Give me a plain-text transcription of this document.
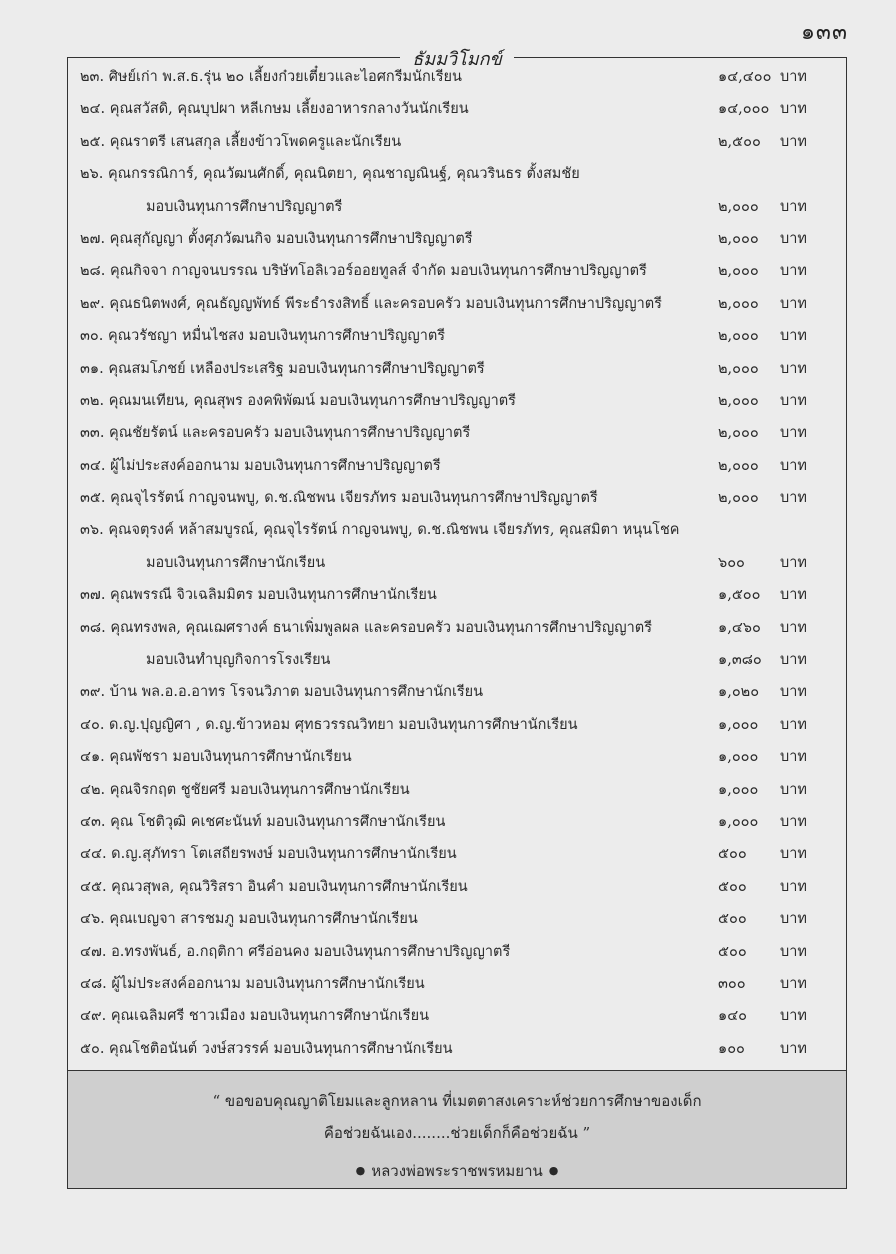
๑๓๓
ธัมมวิโมกข์
๒๓. ศิษย์เก่า พ.ส.ธ.รุ่น ๒๐ เลี้ยงก๋วยเตี๋ยวและไอศกรีมนักเรียน	๑๔,๔๐๐ บาท
๒๔. คุณสวัสดิ, คุณบุปผา หลีเกษม เลี้ยงอาหารกลางวันนักเรียน	๑๔,๐๐๐ บาท
๒๕. คุณราตรี เสนสกุล เลี้ยงข้าวโพดครูและนักเรียน	๒,๕๐๐	บาท
๒๖. คุณกรรณิการ์, คุณวัฒนศักดิ์, คุณนิตยา, คุณชาญณินฐ์, คุณวรินธร ตั้งสมชัย
มอบเงินทุนการศึกษาปริญญาตรี	๒,๐๐๐	บาท
๒๗. คุณสุกัญญา ตั้งศุภวัฒนกิจ มอบเงินทุนการศึกษาปริญญาตรี	๒,๐๐๐	บาท
๒๘. คุณกิจจา กาญจนบรรณ บริษัทโอลิเวอร์ออยทูลส์ จำกัด มอบเงินทุนการศึกษาปริญญาตรี	๒,๐๐๐	บาท
๒๙. คุณธนิตพงศ์, คุณธัญญพัทธ์ พีระธำรงสิทธิ์ และครอบครัว มอบเงินทุนการศึกษาปริญญาตรี	๒,๐๐๐	บาท
๓๐. คุณวรัชญา หมื่นไชสง มอบเงินทุนการศึกษาปริญญาตรี	๒,๐๐๐	บาท
๓๑. คุณสมโภชย์ เหลืองประเสริฐ มอบเงินทุนการศึกษาปริญญาตรี	๒,๐๐๐	บาท
๓๒. คุณมนเทียน, คุณสุพร องคพิพัฒน์ มอบเงินทุนการศึกษาปริญญาตรี	๒,๐๐๐	บาท
๓๓. คุณชัยรัตน์ และครอบครัว มอบเงินทุนการศึกษาปริญญาตรี	๒,๐๐๐	บาท
๓๔. ผู้ไม่ประสงค์ออกนาม มอบเงินทุนการศึกษาปริญญาตรี	๒,๐๐๐	บาท
๓๕. คุณจุไรรัตน์ กาญจนพบู, ด.ช.ณิชพน เจียรภัทร มอบเงินทุนการศึกษาปริญญาตรี	๒,๐๐๐	บาท
๓๖. คุณจตุรงค์ หล้าสมบูรณ์, คุณจุไรรัตน์ กาญจนพบู, ด.ช.ณิชพน เจียรภัทร, คุณสมิตา หนุนโชค
มอบเงินทุนการศึกษานักเรียน	๖๐๐	บาท
๓๗. คุณพรรณี จิวเฉลิมมิตร มอบเงินทุนการศึกษานักเรียน	๑,๕๐๐	บาท
๓๘. คุณทรงพล, คุณเฌศรางค์ ธนาเพิ่มพูลผล และครอบครัว มอบเงินทุนการศึกษาปริญญาตรี	๑,๔๖๐	บาท
มอบเงินทำบุญกิจการโรงเรียน	๑,๓๘๐	บาท
๓๙. บ้าน พล.อ.อ.อาทร โรจนวิภาต มอบเงินทุนการศึกษานักเรียน	๑,๐๒๐	บาท
๔๐. ด.ญ.ปุญญิศา , ด.ญ.ข้าวหอม ศุทธวรรณวิทยา มอบเงินทุนการศึกษานักเรียน	๑,๐๐๐	บาท
๔๑. คุณพัชรา มอบเงินทุนการศึกษานักเรียน	๑,๐๐๐	บาท
๔๒. คุณจิรกฤต ชูชัยศรี มอบเงินทุนการศึกษานักเรียน	๑,๐๐๐	บาท
๔๓. คุณ โชติวุฒิ คเชศะนันท์ มอบเงินทุนการศึกษานักเรียน	๑,๐๐๐	บาท
๔๔. ด.ญ.สุภัทรา โตเสถียรพงษ์ มอบเงินทุนการศึกษานักเรียน	๕๐๐	บาท
๔๕. คุณวสุพล, คุณวิริสรา อินคำ มอบเงินทุนการศึกษานักเรียน	๕๐๐	บาท
๔๖. คุณเบญจา สารชมภู มอบเงินทุนการศึกษานักเรียน	๕๐๐	บาท
๔๗. อ.ทรงพันธ์, อ.กฤติกา ศรีอ่อนคง มอบเงินทุนการศึกษาปริญญาตรี	๕๐๐	บาท
๔๘. ผู้ไม่ประสงค์ออกนาม มอบเงินทุนการศึกษานักเรียน	๓๐๐	บาท
๔๙. คุณเฉลิมศรี ชาวเมือง มอบเงินทุนการศึกษานักเรียน	๑๔๐	บาท
๕๐. คุณโชติอนันต์ วงษ์สวรรค์ มอบเงินทุนการศึกษานักเรียน	๑๐๐	บาท
“ ขอขอบคุณญาติโยมและลูกหลาน ที่เมตตาสงเคราะห์ช่วยการศึกษาของเด็ก
คือช่วยฉันเอง........ช่วยเด็กก็คือช่วยฉัน ”
● หลวงพ่อพระราชพรหมยาน ●
